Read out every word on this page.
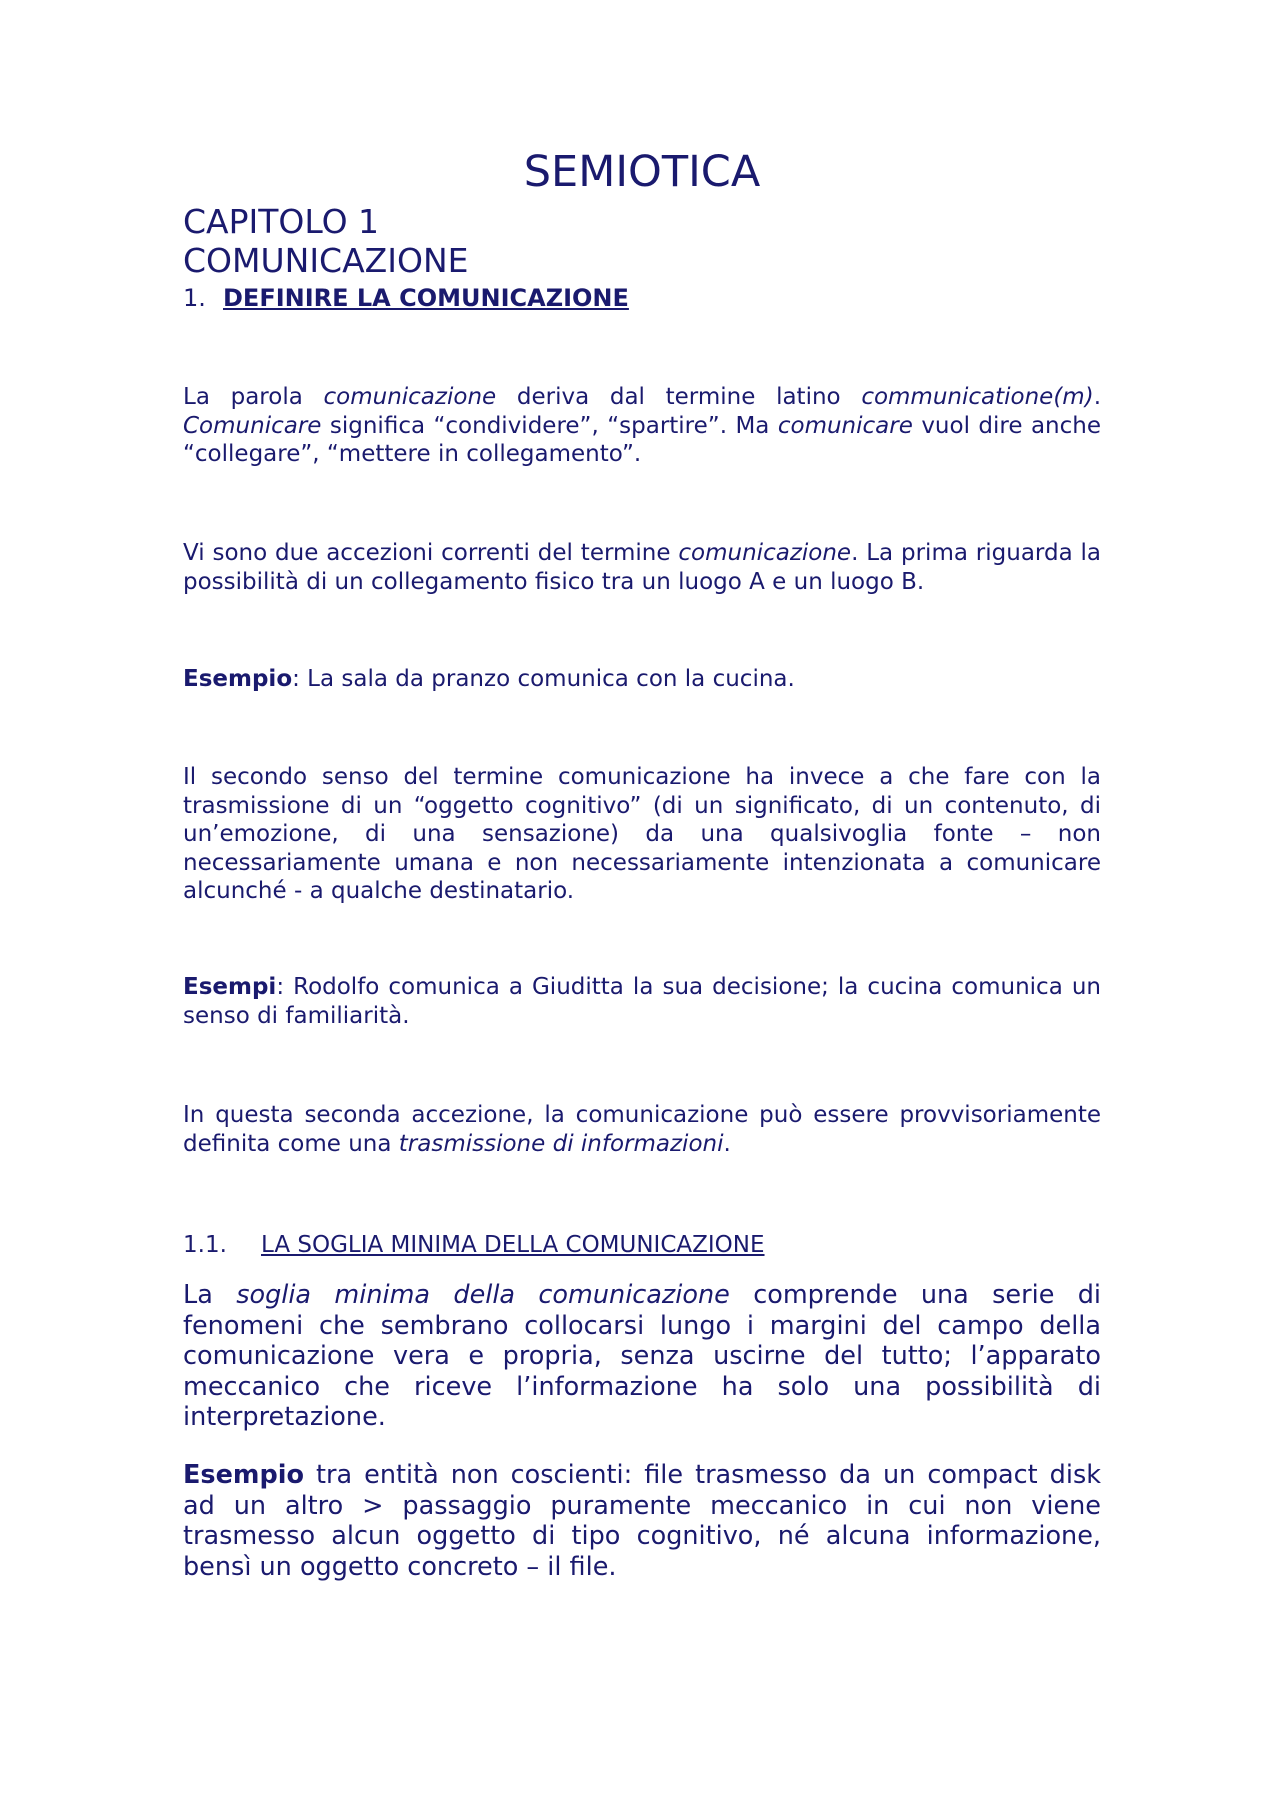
SEMIOTICA
CAPITOLO 1
COMUNICAZIONE
1. DEFINIRE LA COMUNICAZIONE

La parola comunicazione deriva dal termine latino communicatione(m). Comunicare significa “condividere”, “spartire”. Ma comunicare vuol dire anche “collegare”, “mettere in collegamento”.

Vi sono due accezioni correnti del termine comunicazione. La prima riguarda la possibilità di un collegamento fisico tra un luogo A e un luogo B.

Esempio: La sala da pranzo comunica con la cucina.

Il secondo senso del termine comunicazione ha invece a che fare con la trasmissione di un “oggetto cognitivo” (di un significato, di un contenuto, di un’emozione, di una sensazione) da una qualsivoglia fonte – non necessariamente umana e non necessariamente intenzionata a comunicare alcunché - a qualche destinatario.

Esempi: Rodolfo comunica a Giuditta la sua decisione; la cucina comunica un senso di familiarità.

In questa seconda accezione, la comunicazione può essere provvisoriamente definita come una trasmissione di informazioni.

1.1. LA SOGLIA MINIMA DELLA COMUNICAZIONE

La soglia minima della comunicazione comprende una serie di fenomeni che sembrano collocarsi lungo i margini del campo della comunicazione vera e propria, senza uscirne del tutto; l’apparato meccanico che riceve l’informazione ha solo una possibilità di interpretazione.

Esempio tra entità non coscienti: file trasmesso da un compact disk ad un altro > passaggio puramente meccanico in cui non viene trasmesso alcun oggetto di tipo cognitivo, né alcuna informazione, bensì un oggetto concreto – il file.
